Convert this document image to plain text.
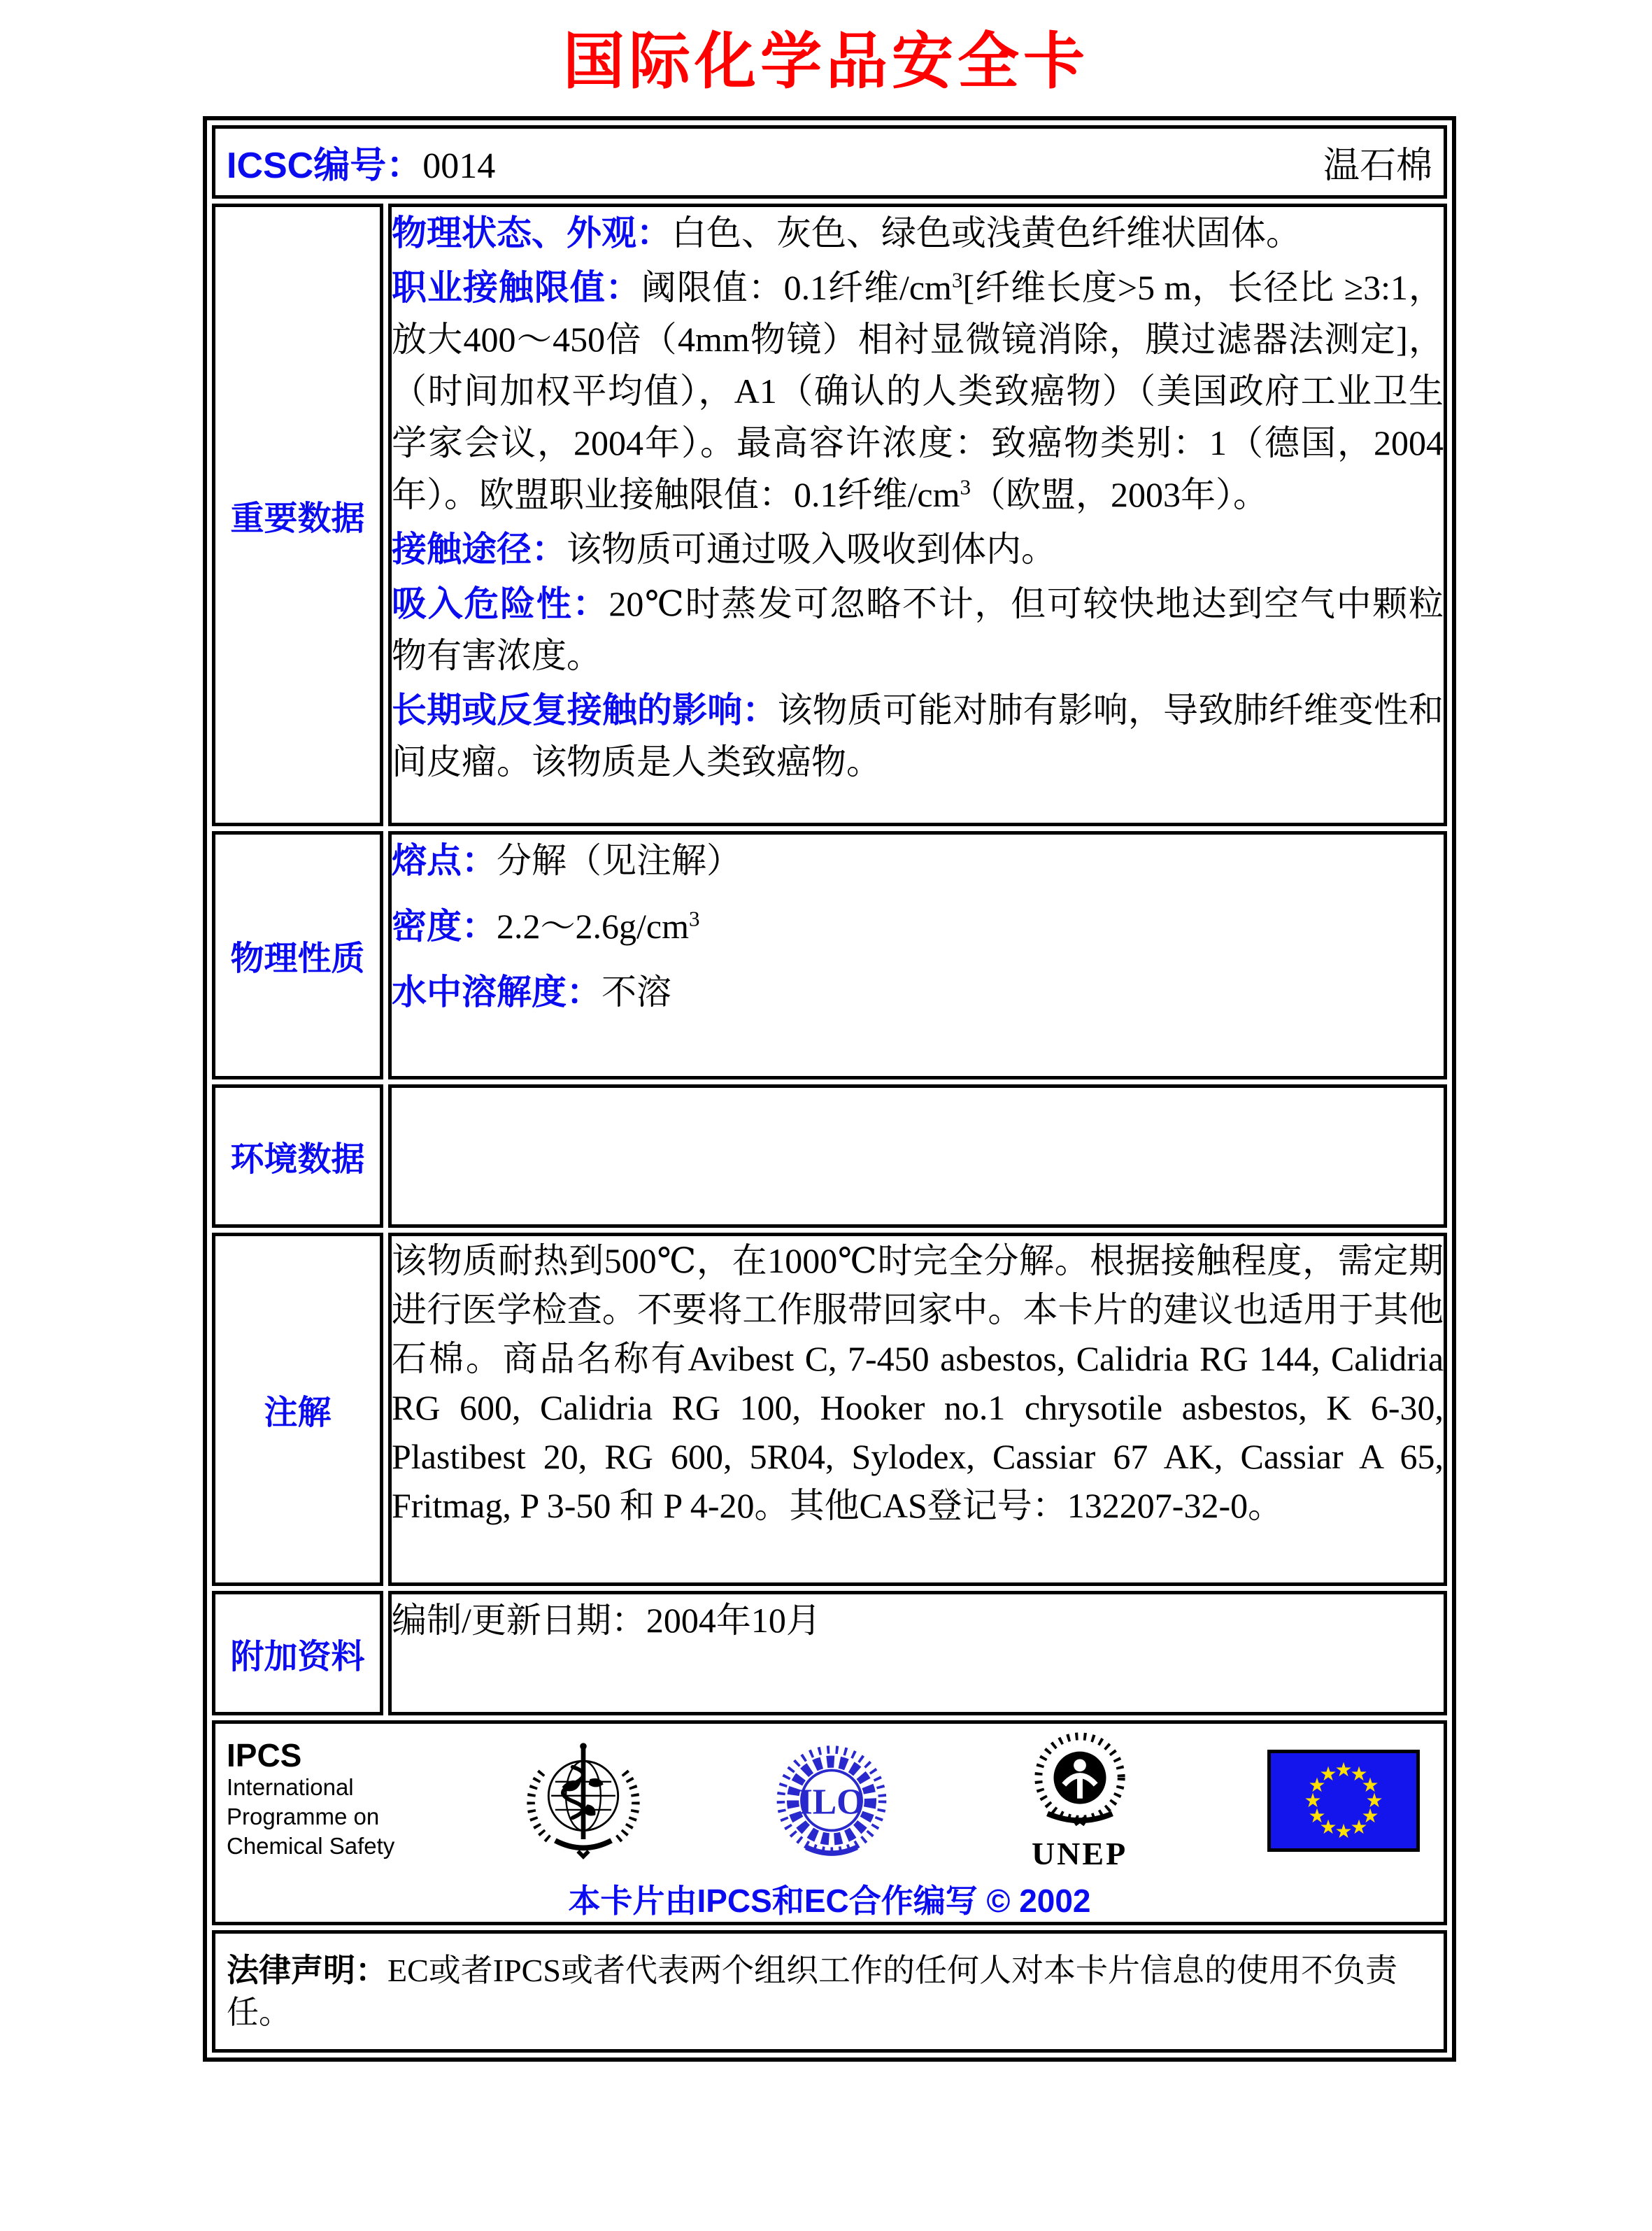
国际化学品安全卡
ICSC编号：0014 温石棉	

重要数据	物理状态、外观：白色、灰色、绿色或浅黄色纤维状固体。

职业接触限值：阈限值：0.1纤维$/cm^3$[纤维长度>5 m，长径比 ≥3:1，放大400～450倍（4mm物镜）相衬显微镜消除，膜过滤器法测定]，（时间加权平均值），A1（确认的人类致癌物）（美国政府工业卫生学家会议，2004年）。最高容许浓度：致癌物类别：1（德国，2004年）。欧盟职业接触限值：0.1纤维$/cm^3$（欧盟，2003年）。

接触途径：该物质可通过吸入吸收到体内。

吸入危险性：20℃时蒸发可忽略不计，但可较快地达到空气中颗粒物有害浓度。

长期或反复接触的影响：该物质可能对肺有影响，导致肺纤维变性和间皮瘤。该物质是人类致癌物。

物理性质	熔点：分解（见注解）

密度：$2.2\sim 2.6g/cm^3$

水中溶解度：不溶

环境数据	
注解	该物质耐热到500℃，在1000℃时完全分解。根据接触程度，需定期进行医学检查。不要将工作服带回家中。本卡片的建议也适用于其他石棉。商品名称有Avibest C, 7-450 asbestos, Calidria RG 144, Calidria RG 600, Calidria RG 100, Hooker no.1 chrysotile asbestos, K 6-30, Plastibest 20, RG 600, 5R04, Sylodex, Cassiar 67 AK, Cassiar A 65, Fritmag, P 3-50 和 P 4-20。其他CAS登记号：132207-32-0。

附加资料	编制/更新日期：2004年10月

IPCS
International
Programme on
Chemical Safety
ILO
UNEP
★
★
★
★
★
★
★
★
★
★
★
★
本卡片由IPCS和EC合作编写 © 2002

法律声明：EC或者IPCS或者代表两个组织工作的任何人对本卡片信息的使用不负责任。	
